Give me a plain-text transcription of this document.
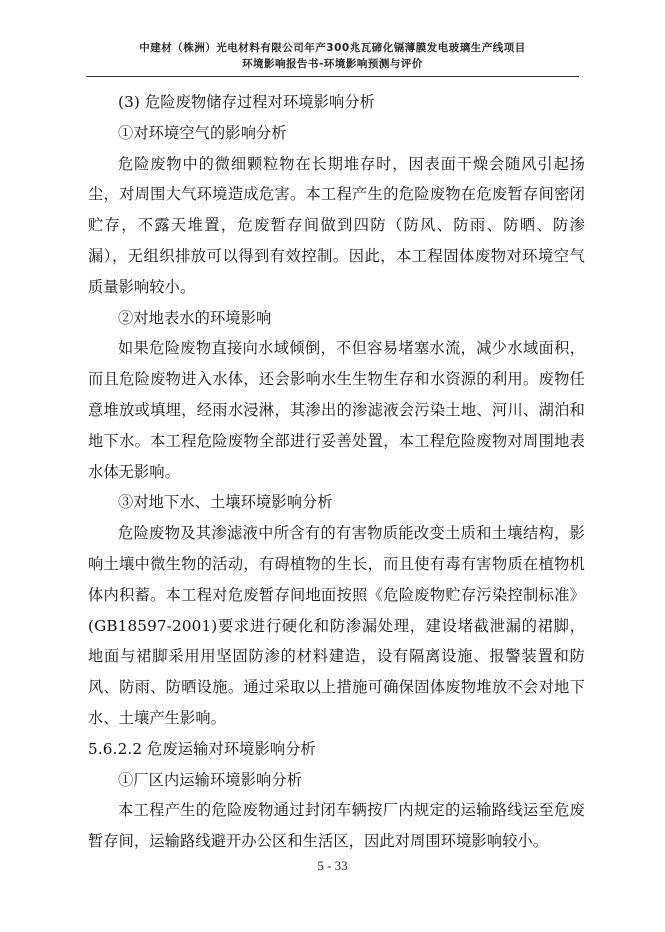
中建材（株洲）光电材料有限公司年产300兆瓦碲化镉薄膜发电玻璃生产线项目
环境影响报告书-环境影响预测与评价

(3) 危险废物储存过程对环境影响分析

①对环境空气的影响分析

危险废物中的微细颗粒物在长期堆存时，因表面干燥会随风引起扬尘，对周围大气环境造成危害。本工程产生的危险废物在危废暂存间密闭贮存，不露天堆置，危废暂存间做到四防（防风、防雨、防晒、防渗漏），无组织排放可以得到有效控制。因此，本工程固体废物对环境空气质量影响较小。

②对地表水的环境影响

如果危险废物直接向水域倾倒，不但容易堵塞水流，减少水域面积，而且危险废物进入水体，还会影响水生生物生存和水资源的利用。废物任意堆放或填埋，经雨水浸淋，其渗出的渗滤液会污染土地、河川、湖泊和地下水。本工程危险废物全部进行妥善处置，本工程危险废物对周围地表水体无影响。

③对地下水、土壤环境影响分析

危险废物及其渗滤液中所含有的有害物质能改变土质和土壤结构，影响土壤中微生物的活动，有碍植物的生长，而且使有毒有害物质在植物机体内积蓄。本工程对危废暂存间地面按照《危险废物贮存污染控制标准》(GB18597-2001)要求进行硬化和防渗漏处理，建设堵截泄漏的裙脚，地面与裙脚采用用坚固防渗的材料建造，设有隔离设施、报警装置和防风、防雨、防晒设施。通过采取以上措施可确保固体废物堆放不会对地下水、土壤产生影响。

5.6.2.2 危废运输对环境影响分析

①厂区内运输环境影响分析

本工程产生的危险废物通过封闭车辆按厂内规定的运输路线运至危废暂存间，运输路线避开办公区和生活区，因此对周围环境影响较小。

5 - 33
